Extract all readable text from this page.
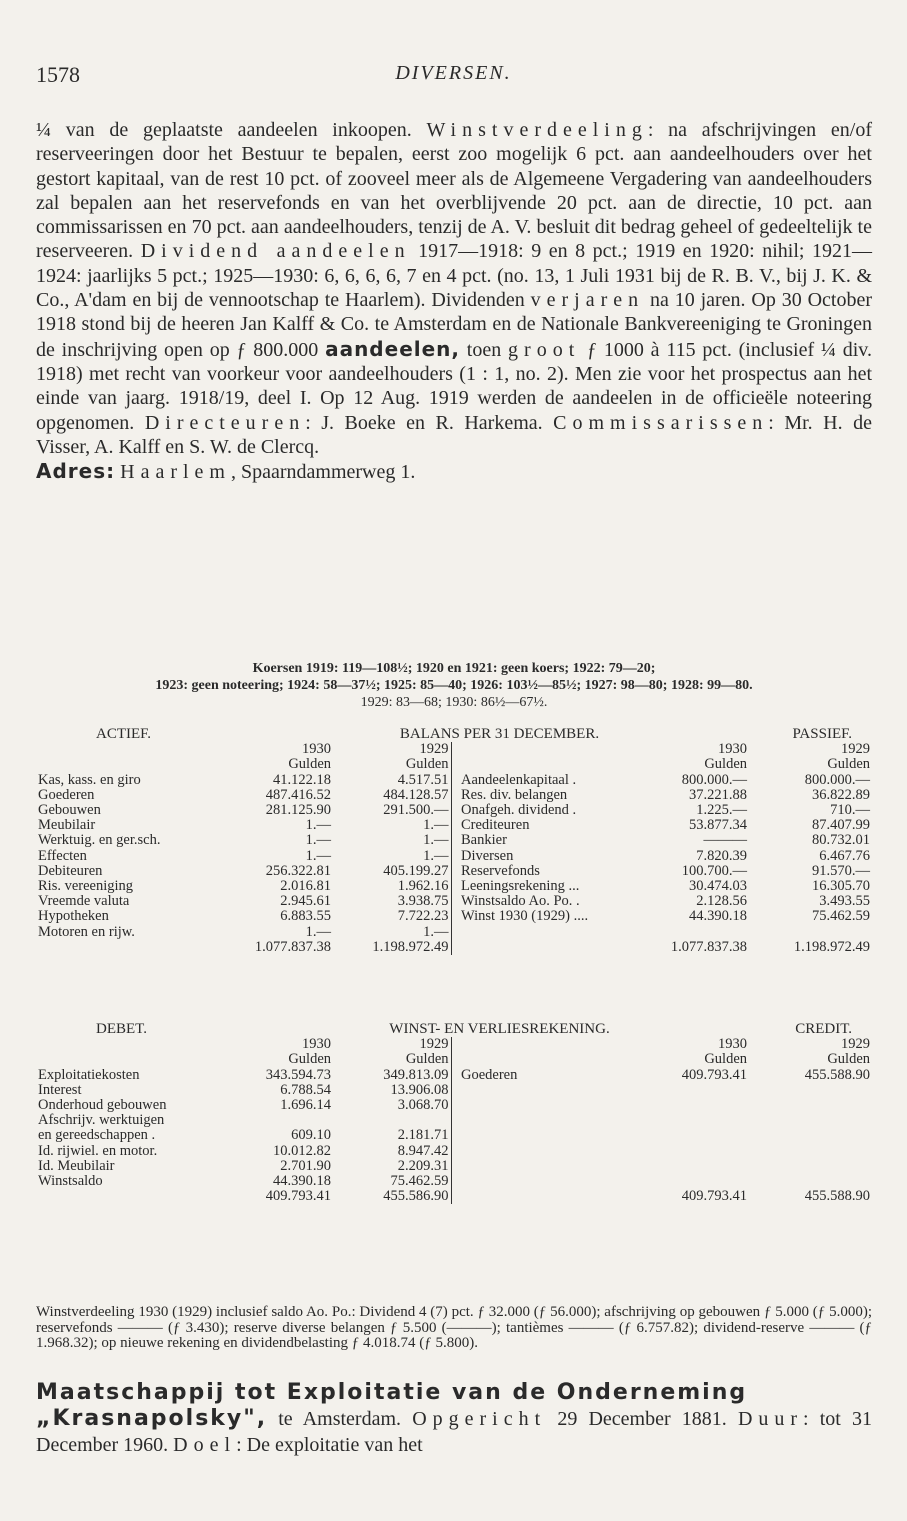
1578	DIVERSEN.

¼ van de geplaatste aandeelen inkoopen. Winstverdeeling: na afschrijvingen en/of reserveeringen door het Bestuur te bepalen, eerst zoo mogelijk 6 pct. aan aandeelhouders over het gestort kapitaal, van de rest 10 pct. of zooveel meer als de Algemeene Vergadering van aandeelhouders zal bepalen aan het reservefonds en van het overblijvende 20 pct. aan de directie, 10 pct. aan commissarissen en 70 pct. aan aandeelhouders, tenzij de A. V. besluit dit bedrag geheel of gedeeltelijk te reserveeren. Dividend aandeelen 1917—1918: 9 en 8 pct.; 1919 en 1920: nihil; 1921—1924: jaarlijks 5 pct.; 1925—1930: 6, 6, 6, 6, 7 en 4 pct. (no. 13, 1 Juli 1931 bij de R. B. V., bij J. K. & Co., A'dam en bij de vennootschap te Haarlem). Dividenden verjaren na 10 jaren. Op 30 October 1918 stond bij de heeren Jan Kalff & Co. te Amsterdam en de Nationale Bankvereeniging te Groningen de inschrijving open op ƒ 800.000 aandeelen, toen groot ƒ 1000 à 115 pct. (inclusief ¼ div. 1918) met recht van voorkeur voor aandeelhouders (1 : 1, no. 2). Men zie voor het prospectus aan het einde van jaarg. 1918/19, deel I. Op 12 Aug. 1919 werden de aandeelen in de officieële noteering opgenomen. Directeuren: J. Boeke en R. Harkema. Commissarissen: Mr. H. de Visser, A. Kalff en S. W. de Clercq.

Adres: Haarlem, Spaarndammerweg 1.

Koersen 1919: 119—108½; 1920 en 1921: geen koers; 1922: 79—20;
1923: geen noteering; 1924: 58—37½; 1925: 85—40; 1926: 103½—85½; 1927: 98—80; 1928: 99—80.
1929: 83—68; 1930: 86½—67½.
ACTIEF.	BALANS PER 31 DECEMBER.					PASSIEF.
	1930	1929			1930	1929
	Gulden	Gulden			Gulden	Gulden
Kas, kass. en giro	41.122.18	4.517.51		Aandeelenkapitaal .	800.000.—	800.000.—
Goederen	487.416.52	484.128.57		Res. div. belangen	37.221.88	36.822.89
Gebouwen	281.125.90	291.500.—		Onafgeh. dividend .	1.225.—	710.—
Meubilair	1.—	1.—		Crediteuren	53.877.34	87.407.99
Werktuig. en ger.sch.	1.—	1.—		Bankier	———	80.732.01
Effecten	1.—	1.—		Diversen	7.820.39	6.467.76
Debiteuren	256.322.81	405.199.27		Reservefonds	100.700.—	91.570.—
Ris. vereeniging	2.016.81	1.962.16		Leeningsrekening ...	30.474.03	16.305.70
Vreemde valuta	2.945.61	3.938.75		Winstsaldo Ao. Po. .	2.128.56	3.493.55
Hypotheken	6.883.55	7.722.23		Winst 1930 (1929) ....	44.390.18	75.462.59
Motoren en rijw.	1.—	1.—				
	1.077.837.38	1.198.972.49			1.077.837.38	1.198.972.49
DEBET.	WINST- EN VERLIESREKENING.					CREDIT.
	1930	1929			1930	1929
	Gulden	Gulden			Gulden	Gulden
Exploitatiekosten	343.594.73	349.813.09		Goederen	409.793.41	455.588.90
Interest	6.788.54	13.906.08				
Onderhoud gebouwen	1.696.14	3.068.70				
Afschrijv. werktuigen						
en gereedschappen .	609.10	2.181.71				
Id. rijwiel. en motor.	10.012.82	8.947.42				
Id. Meubilair	2.701.90	2.209.31				
Winstsaldo	44.390.18	75.462.59				
	409.793.41	455.586.90			409.793.41	455.588.90
Winstverdeeling 1930 (1929) inclusief saldo Ao. Po.: Dividend 4 (7) pct. ƒ 32.000 (ƒ 56.000); afschrijving op gebouwen ƒ 5.000 (ƒ 5.000); reservefonds ——— (ƒ 3.430); reserve diverse belangen ƒ 5.500 (———); tantièmes ——— (ƒ 6.757.82); dividend-reserve ——— (ƒ 1.968.32); op nieuwe rekening en dividendbelasting ƒ 4.018.74 (ƒ 5.800).
Maatschappij tot Exploitatie van de Onderneming
„Krasnapolsky", te Amsterdam. Opgericht 29 December 1881. Duur: tot 31 December 1960. Doel: De exploitatie van het
